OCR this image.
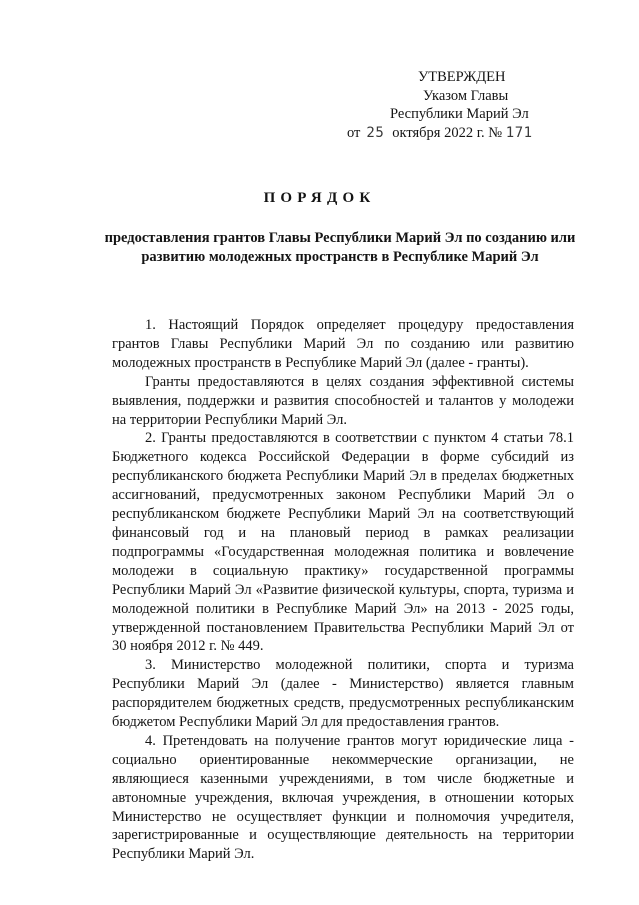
УТВЕРЖДЕН
Указом Главы
Республики Марий Эл
от 25 октября 2022 г. № 171
ПОРЯДОК
предоставления грантов Главы Республики Марий Эл по созданию или развитию молодежных пространств в Республике Марий Эл

1. Настоящий Порядок определяет процедуру предоставления грантов Главы Республики Марий Эл по созданию или развитию молодежных пространств в Республике Марий Эл (далее - гранты).

Гранты предоставляются в целях создания эффективной системы выявления, поддержки и развития способностей и талантов у молодежи на территории Республики Марий Эл.

2. Гранты предоставляются в соответствии с пунктом 4 статьи 78.1 Бюджетного кодекса Российской Федерации в форме субсидий из республиканского бюджета Республики Марий Эл в пределах бюджетных ассигнований, предусмотренных законом Республики Марий Эл о республиканском бюджете Республики Марий Эл на соответствующий финансовый год и на плановый период в рамках реализации подпрограммы «Государственная молодежная политика и вовлечение молодежи в социальную практику» государственной программы Республики Марий Эл «Развитие физической культуры, спорта, туризма и молодежной политики в Республике Марий Эл» на 2013 - 2025 годы, утвержденной постановлением Правительства Республики Марий Эл от 30 ноября 2012 г. № 449.

3. Министерство молодежной политики, спорта и туризма Республики Марий Эл (далее - Министерство) является главным распорядителем бюджетных средств, предусмотренных республиканским бюджетом Республики Марий Эл для предоставления грантов.

4. Претендовать на получение грантов могут юридические лица - социально ориентированные некоммерческие организации, не являющиеся казенными учреждениями, в том числе бюджетные и автономные учреждения, включая учреждения, в отношении которых Министерство не осуществляет функции и полномочия учредителя, зарегистрированные и осуществляющие деятельность на территории Республики Марий Эл.
